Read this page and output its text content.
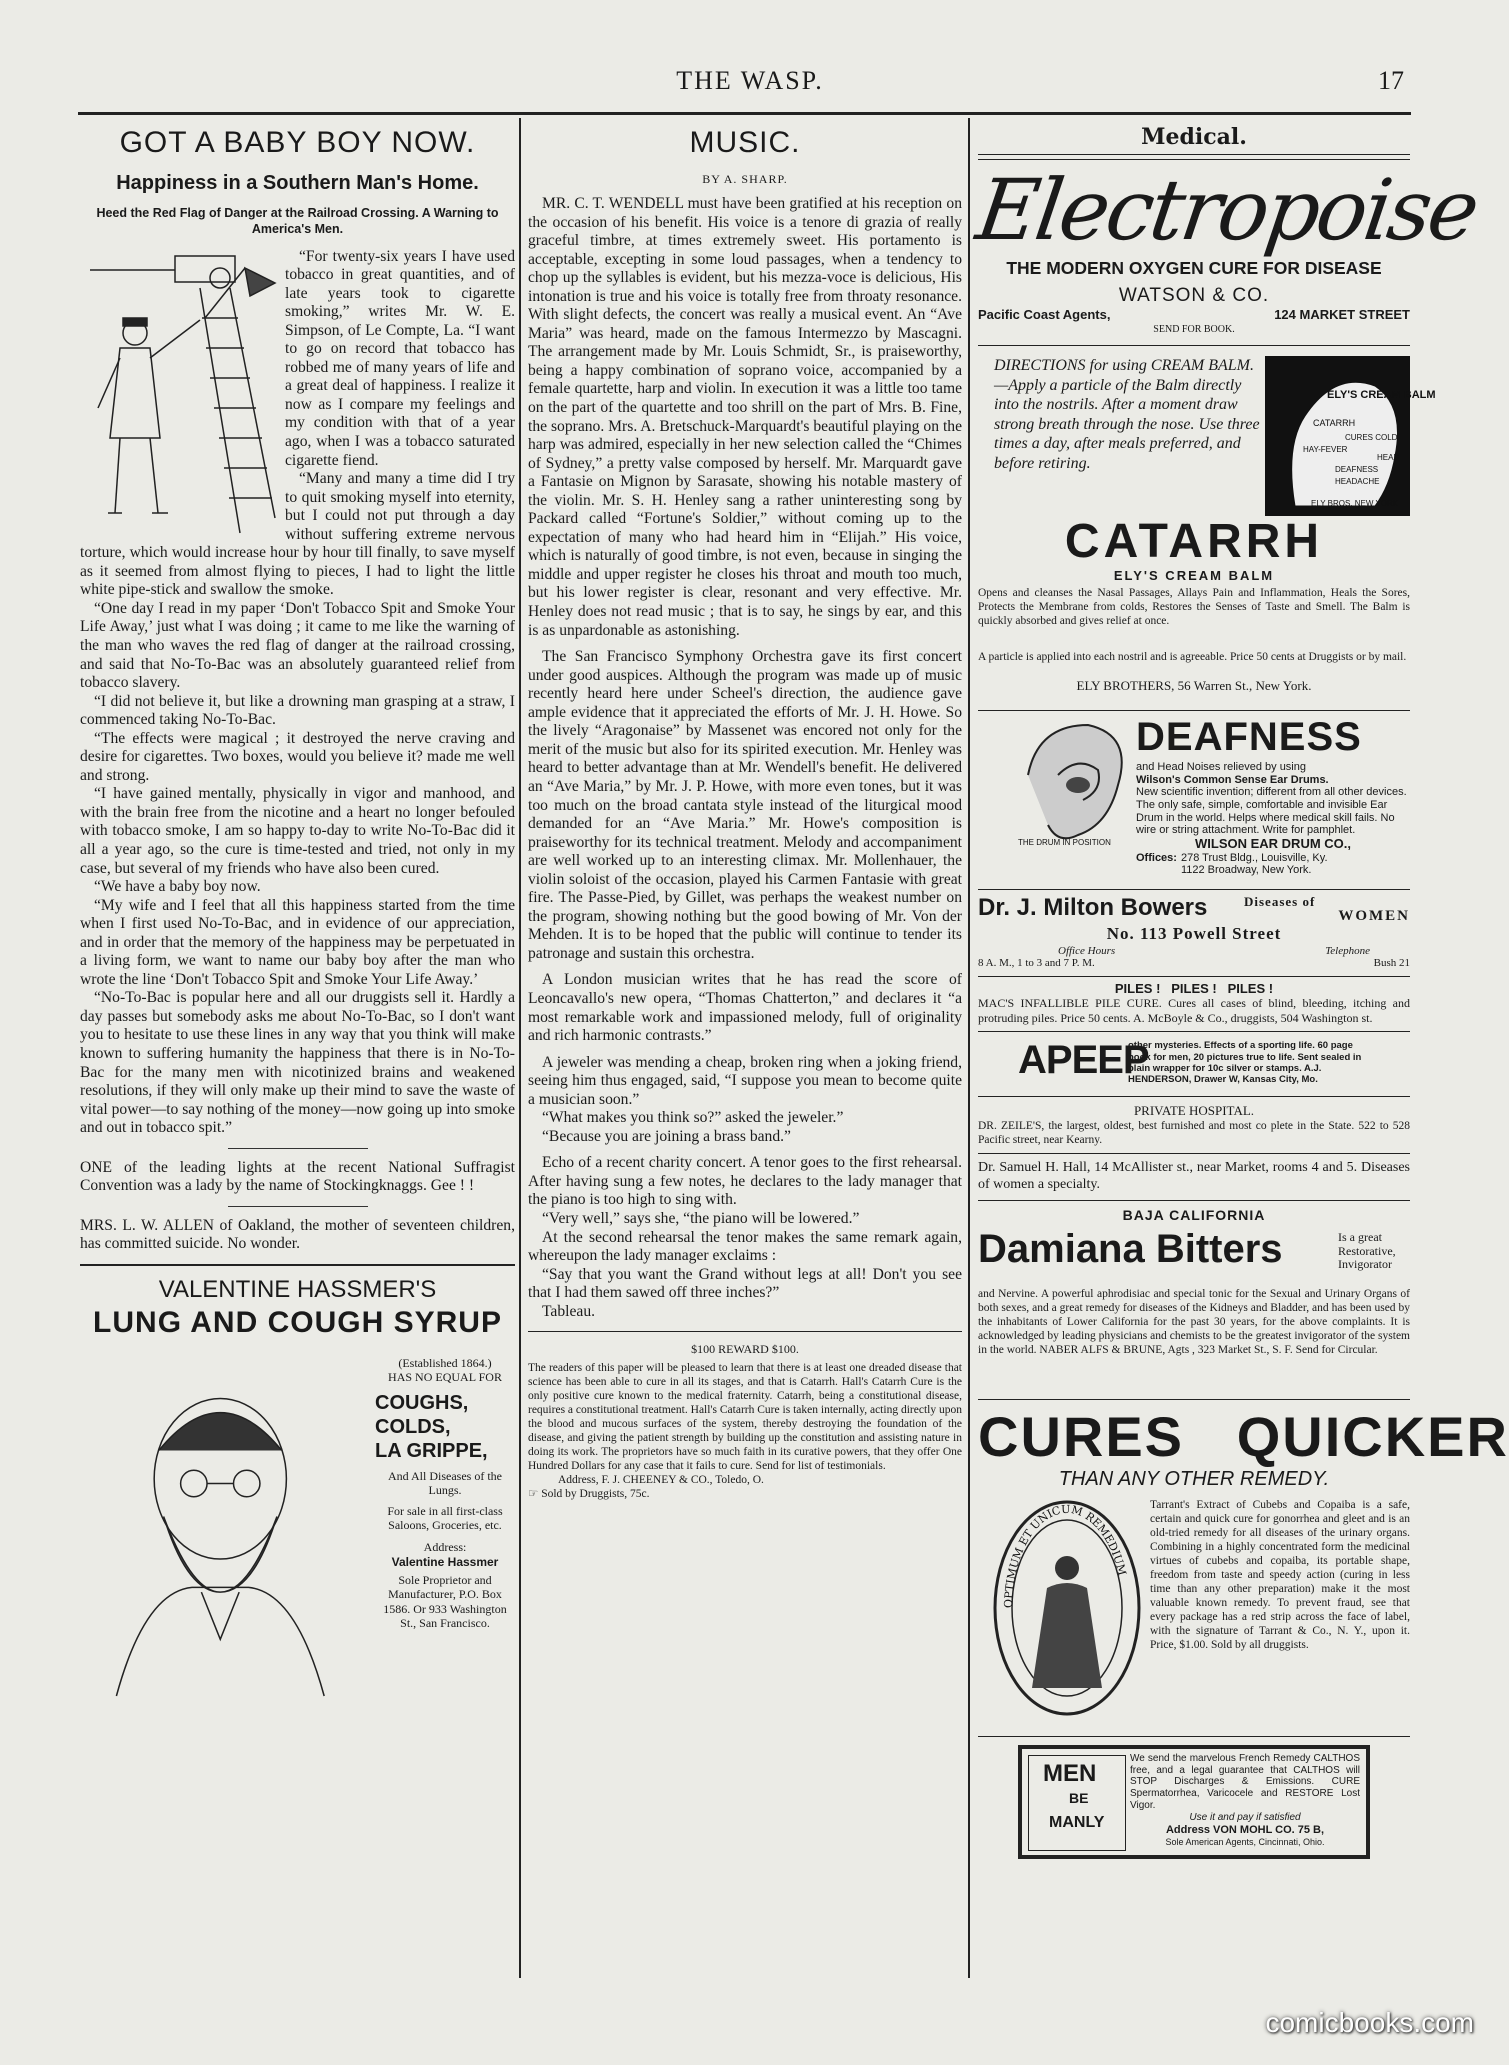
THE WASP.	17
GOT A BABY BOY NOW.
Happiness in a Southern Man's Home.
Heed the Red Flag of Danger at the Railroad Crossing. A Warning to America's Men.

“For twenty-six years I have used tobacco in great quantities, and of late years took to cigarette smoking,” writes Mr. W. E. Simpson, of Le Compte, La. “I want to go on record that tobacco has robbed me of many years of life and a great deal of happiness. I realize it now as I compare my feelings and my condition with that of a year ago, when I was a tobacco saturated cigarette fiend.

“Many and many a time did I try to quit smoking myself into eternity, but I could not put through a day without suffering extreme nervous torture, which would increase hour by hour till finally, to save myself as it seemed from almost flying to pieces, I had to light the little white pipe-stick and swallow the smoke.

“One day I read in my paper ‘Don't Tobacco Spit and Smoke Your Life Away,’ just what I was doing ; it came to me like the warning of the man who waves the red flag of danger at the railroad crossing, and said that No-To-Bac was an absolutely guaranteed relief from tobacco slavery.

“I did not believe it, but like a drowning man grasping at a straw, I commenced taking No-To-Bac.

“The effects were magical ; it destroyed the nerve craving and desire for cigarettes. Two boxes, would you believe it? made me well and strong.

“I have gained mentally, physically in vigor and manhood, and with the brain free from the nicotine and a heart no longer befouled with tobacco smoke, I am so happy to-day to write No-To-Bac did it all a year ago, so the cure is time-tested and tried, not only in my case, but several of my friends who have also been cured.

“We have a baby boy now.

“My wife and I feel that all this happiness started from the time when I first used No-To-Bac, and in evidence of our appreciation, and in order that the memory of the happiness may be perpetuated in a living form, we want to name our baby boy after the man who wrote the line ‘Don't Tobacco Spit and Smoke Your Life Away.’

“No-To-Bac is popular here and all our druggists sell it. Hardly a day passes but somebody asks me about No-To-Bac, so I don't want you to hesitate to use these lines in any way that you think will make known to suffering humanity the happiness that there is in No-To-Bac for the many men with nicotinized brains and weakened resolutions, if they will only make up their mind to save the waste of vital power—to say nothing of the money—now going up into smoke and out in tobacco spit.”

ONE of the leading lights at the recent National Suffragist Convention was a lady by the name of Stockingknaggs. Gee ! !

MRS. L. W. ALLEN of Oakland, the mother of seventeen children, has committed suicide. No wonder.

VALENTINE HASSMER'S
LUNG AND COUGH SYRUP
(Established 1864.)
HAS NO EQUAL FOR
COUGHS,
COLDS,
LA GRIPPE,
And All Diseases of the Lungs.
For sale in all first-class Saloons, Groceries, etc.
Address:
Valentine Hassmer
Sole Proprietor and Manufacturer, P.O. Box 1586. Or 933 Washington St., San Francisco.
MUSIC.
BY A. SHARP.

MR. C. T. WENDELL must have been gratified at his reception on the occasion of his benefit. His voice is a tenore di grazia of really graceful timbre, at times extremely sweet. His portamento is acceptable, excepting in some loud passages, when a tendency to chop up the syllables is evident, but his mezza-voce is delicious, His intonation is true and his voice is totally free from throaty resonance. With slight defects, the concert was really a musical event. An “Ave Maria” was heard, made on the famous Intermezzo by Mascagni. The arrangement made by Mr. Louis Schmidt, Sr., is praiseworthy, being a happy combination of soprano voice, accompanied by a female quartette, harp and violin. In execution it was a little too tame on the part of the quartette and too shrill on the part of Mrs. B. Fine, the soprano. Mrs. A. Bretschuck-Marquardt's beautiful playing on the harp was admired, especially in her new selection called the “Chimes of Sydney,” a pretty valse composed by herself. Mr. Marquardt gave a Fantasie on Mignon by Sarasate, showing his notable mastery of the violin. Mr. S. H. Henley sang a rather uninteresting song by Packard called “Fortune's Soldier,” without coming up to the expectation of many who had heard him in “Elijah.” His voice, which is naturally of good timbre, is not even, because in singing the middle and upper register he closes his throat and mouth too much, but his lower register is clear, resonant and very effective. Mr. Henley does not read music ; that is to say, he sings by ear, and this is as unpardonable as astonishing.

The San Francisco Symphony Orchestra gave its first concert under good auspices. Although the program was made up of music recently heard here under Scheel's direction, the audience gave ample evidence that it appreciated the efforts of Mr. J. H. Howe. So the lively “Aragonaise” by Massenet was encored not only for the merit of the music but also for its spirited execution. Mr. Henley was heard to better advantage than at Mr. Wendell's benefit. He delivered an “Ave Maria,” by Mr. J. P. Howe, with more even tones, but it was too much on the broad cantata style instead of the liturgical mood demanded for an “Ave Maria.” Mr. Howe's composition is praiseworthy for its technical treatment. Melody and accompaniment are well worked up to an interesting climax. Mr. Mollenhauer, the violin soloist of the occasion, played his Carmen Fantasie with great fire. The Passe-Pied, by Gillet, was perhaps the weakest number on the program, showing nothing but the good bowing of Mr. Von der Mehden. It is to be hoped that the public will continue to tender its patronage and sustain this orchestra.

A London musician writes that he has read the score of Leoncavallo's new opera, “Thomas Chatterton,” and declares it “a most remarkable work and impassioned melody, full of originality and rich harmonic contrasts.”

A jeweler was mending a cheap, broken ring when a joking friend, seeing him thus engaged, said, “I suppose you mean to become quite a musician soon.”

“What makes you think so?” asked the jeweler.”

“Because you are joining a brass band.”

Echo of a recent charity concert. A tenor goes to the first rehearsal. After having sung a few notes, he declares to the lady manager that the piano is too high to sing with.

“Very well,” says she, “the piano will be lowered.”

At the second rehearsal the tenor makes the same remark again, whereupon the lady manager exclaims :

“Say that you want the Grand without legs at all! Don't you see that I had them sawed off three inches?”

Tableau.

$100 REWARD $100.
The readers of this paper will be pleased to learn that there is at least one dreaded disease that science has been able to cure in all its stages, and that is Catarrh. Hall's Catarrh Cure is the only positive cure known to the medical fraternity. Catarrh, being a constitutional disease, requires a constitutional treatment. Hall's Catarrh Cure is taken internally, acting directly upon the blood and mucous surfaces of the system, thereby destroying the foundation of the disease, and giving the patient strength by building up the constitution and assisting nature in doing its work. The proprietors have so much faith in its curative powers, that they offer One Hundred Dollars for any case that it fails to cure. Send for list of testimonials.
Address, F. J. CHEENEY & CO., Toledo, O.
☞ Sold by Druggists, 75c.
Medical.
Electropoise
THE MODERN OXYGEN CURE FOR DISEASE
WATSON & CO.
Pacific Coast Agents,	124 MARKET STREET
SEND FOR BOOK.
DIRECTIONS for using CREAM BALM.—Apply a particle of the Balm directly into the nostrils. After a moment draw strong breath through the nose. Use three times a day, after meals preferred, and before retiring.
ELY'S CREAM BALM
CATARRH
CURES COLD
HAY-FEVER
HEAD
DEAFNESS
HEADACHE
ELY BROS. NEW YORK
CATARRH
ELY'S CREAM BALM
Opens and cleanses the Nasal Passages, Allays Pain and Inflammation, Heals the Sores, Protects the Membrane from colds, Restores the Senses of Taste and Smell. The Balm is quickly absorbed and gives relief at once.
A particle is applied into each nostril and is agreeable. Price 50 cents at Druggists or by mail.
ELY BROTHERS, 56 Warren St., New York.
THE DRUM IN POSITION
DEAFNESS
and Head Noises relieved by using
Wilson's Common Sense Ear Drums.
New scientific invention; different from all other devices. The only safe, simple, comfortable and invisible Ear Drum in the world. Helps where medical skill fails. No wire or string attachment. Write for pamphlet.
WILSON EAR DRUM CO.,
Offices: 278 Trust Bldg., Louisville, Ky.
1122 Broadway, New York.
Dr. J. Milton Bowers	Diseases of
WOMEN
No. 113 Powell Street
Office Hours	Telephone
8 A. M., 1 to 3 and 7 P. M.	Bush 21
PILES !   PILES !   PILES !
MAC'S INFALLIBLE PILE CURE. Cures all cases of blind, bleeding, itching and protruding piles. Price 50 cents. A. McBoyle & Co., druggists, 504 Washington st.
APEEP
other mysteries. Effects of a sporting life. 60 page book for men, 20 pictures true to life. Sent sealed in plain wrapper for 10c silver or stamps. A.J. HENDERSON, Drawer W, Kansas City, Mo.
PRIVATE HOSPITAL.
DR. ZEILE'S, the largest, oldest, best furnished and most co plete in the State. 522 to 528 Pacific street, near Kearny.
Dr. Samuel H. Hall, 14 McAllister st., near Market, rooms 4 and 5. Diseases of women a specialty.
BAJA CALIFORNIA
Damiana Bitters	Is a great Restorative, Invigorator
and Nervine. A powerful aphrodisiac and special tonic for the Sexual and Urinary Organs of both sexes, and a great remedy for diseases of the Kidneys and Bladder, and has been used by the inhabitants of Lower California for the past 30 years, for the above complaints. It is acknowledged by leading physicians and chemists to be the greatest invigorator of the system in the world. NABER ALFS & BRUNE, Agts , 323 Market St., S. F. Send for Circular.
CURES   QUICKER
THAN ANY OTHER REMEDY.
OPTIMUM ET UNICUM REMEDIUM
Tarrant's Extract of Cubebs and Copaiba is a safe, certain and quick cure for gonorrhea and gleet and is an old-tried remedy for all diseases of the urinary organs. Combining in a highly concentrated form the medicinal virtues of cubebs and copaiba, its portable shape, freedom from taste and speedy action (curing in less time than any other preparation) make it the most valuable known remedy. To prevent fraud, see that every package has a red strip across the face of label, with the signature of Tarrant & Co., N. Y., upon it. Price, $1.00. Sold by all druggists.
MEN
BE
MANLY
We send the marvelous French Remedy CALTHOS free, and a legal guarantee that CALTHOS will STOP Discharges & Emissions. CURE Spermatorrhea, Varicocele and RESTORE Lost Vigor.
Use it and pay if satisfied
Address VON MOHL CO. 75 B,
Sole American Agents, Cincinnati, Ohio.
comicbooks.com
